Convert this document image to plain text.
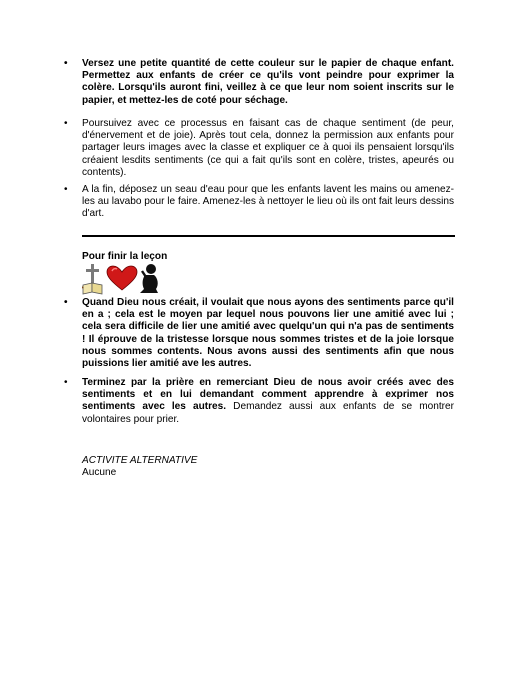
• Versez une petite quantité de cette couleur sur le papier de chaque enfant. Permettez aux enfants de créer ce qu'ils vont peindre pour exprimer la colère. Lorsqu'ils auront fini, veillez à ce que leur nom soient inscrits sur le papier, et mettez-les de coté pour séchage.
• Poursuivez avec ce processus en faisant cas de chaque sentiment (de peur, d'énervement et de joie). Après tout cela, donnez la permission aux enfants pour partager leurs images avec la classe et expliquer ce à quoi ils pensaient lorsqu'ils créaient lesdits sentiments (ce qui a fait qu'ils sont en colère, tristes, apeurés ou contents).
• A la fin, déposez un seau d'eau pour que les enfants lavent les mains ou amenez-les au lavabo pour le faire. Amenez-les à nettoyer le lieu où ils ont fait leurs dessins d'art.
Pour finir la leçon
• Quand Dieu nous créait, il voulait que nous ayons des sentiments parce qu'il en a ; cela est le moyen par lequel nous pouvons lier une amitié avec lui ; cela sera difficile de lier une amitié avec quelqu'un qui n'a pas de sentiments ! Il éprouve de la tristesse lorsque nous sommes tristes et de la joie lorsque nous sommes contents. Nous avons aussi des sentiments afin que nous puissions lier amitié ave les autres.
• Terminez par la prière en remerciant Dieu de nous avoir créés avec des sentiments et en lui demandant comment apprendre à exprimer nos sentiments avec les autres. Demandez aussi aux enfants de se montrer volontaires pour prier.
ACTIVITE ALTERNATIVE
Aucune
